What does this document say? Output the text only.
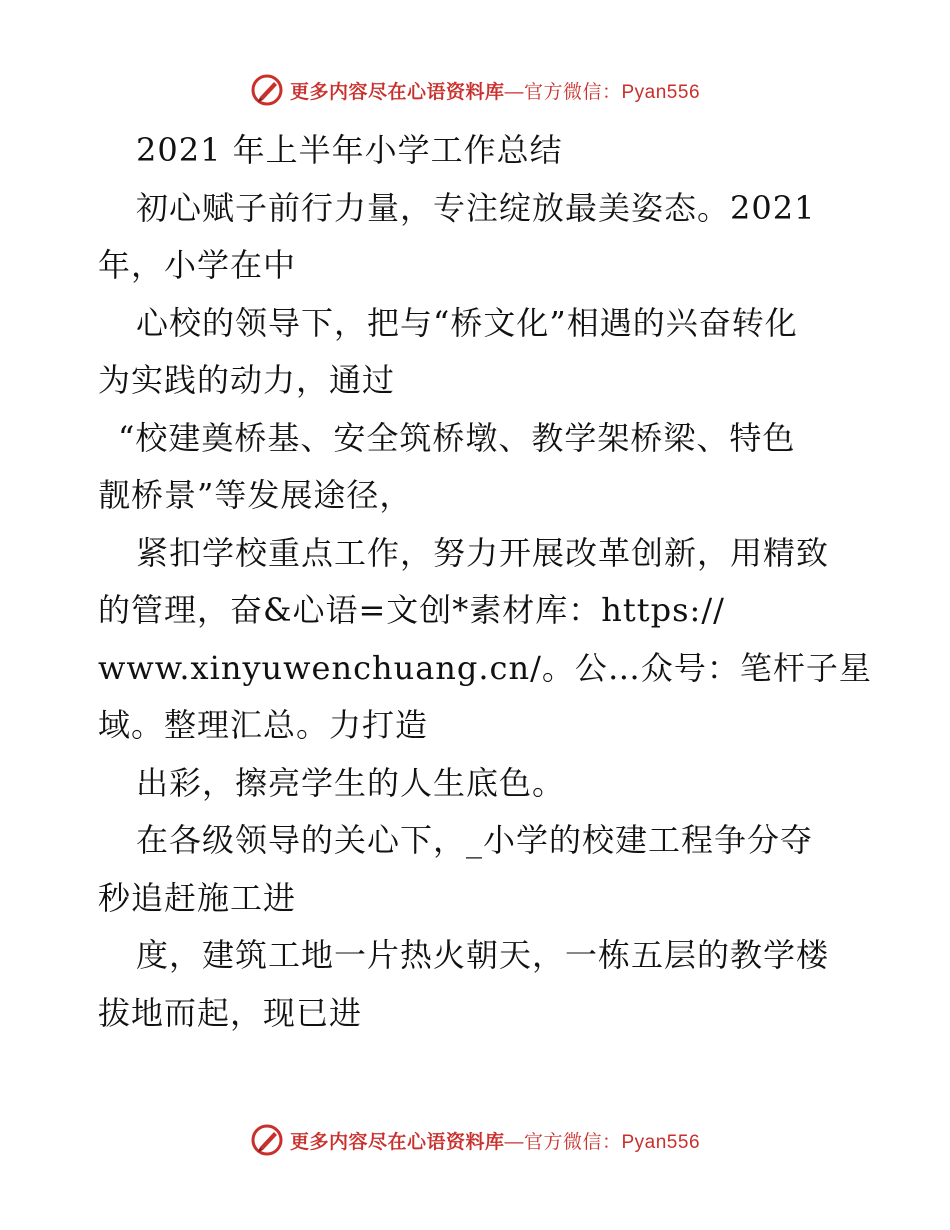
更多内容尽在心语资料库—官方微信：Pyan556

2021 年上半年小学工作总结

初心赋子前行力量，专注绽放最美姿态。2021

年，小学在中

心校的领导下，把与“桥文化”相遇的兴奋转化

为实践的动力，通过

“校建奠桥基、安全筑桥墩、教学架桥梁、特色

靓桥景”等发展途径，

紧扣学校重点工作，努力开展改革创新，用精致

的管理，奋&心语=文创*素材库：https://

www.xinyuwenchuang.cn/。公…众号：笔杆子星

域。整理汇总。力打造

出彩，擦亮学生的人生底色。

在各级领导的关心下，_小学的校建工程争分夺

秒追赶施工进

度，建筑工地一片热火朝天，一栋五层的教学楼

拔地而起，现已进

更多内容尽在心语资料库—官方微信：Pyan556
